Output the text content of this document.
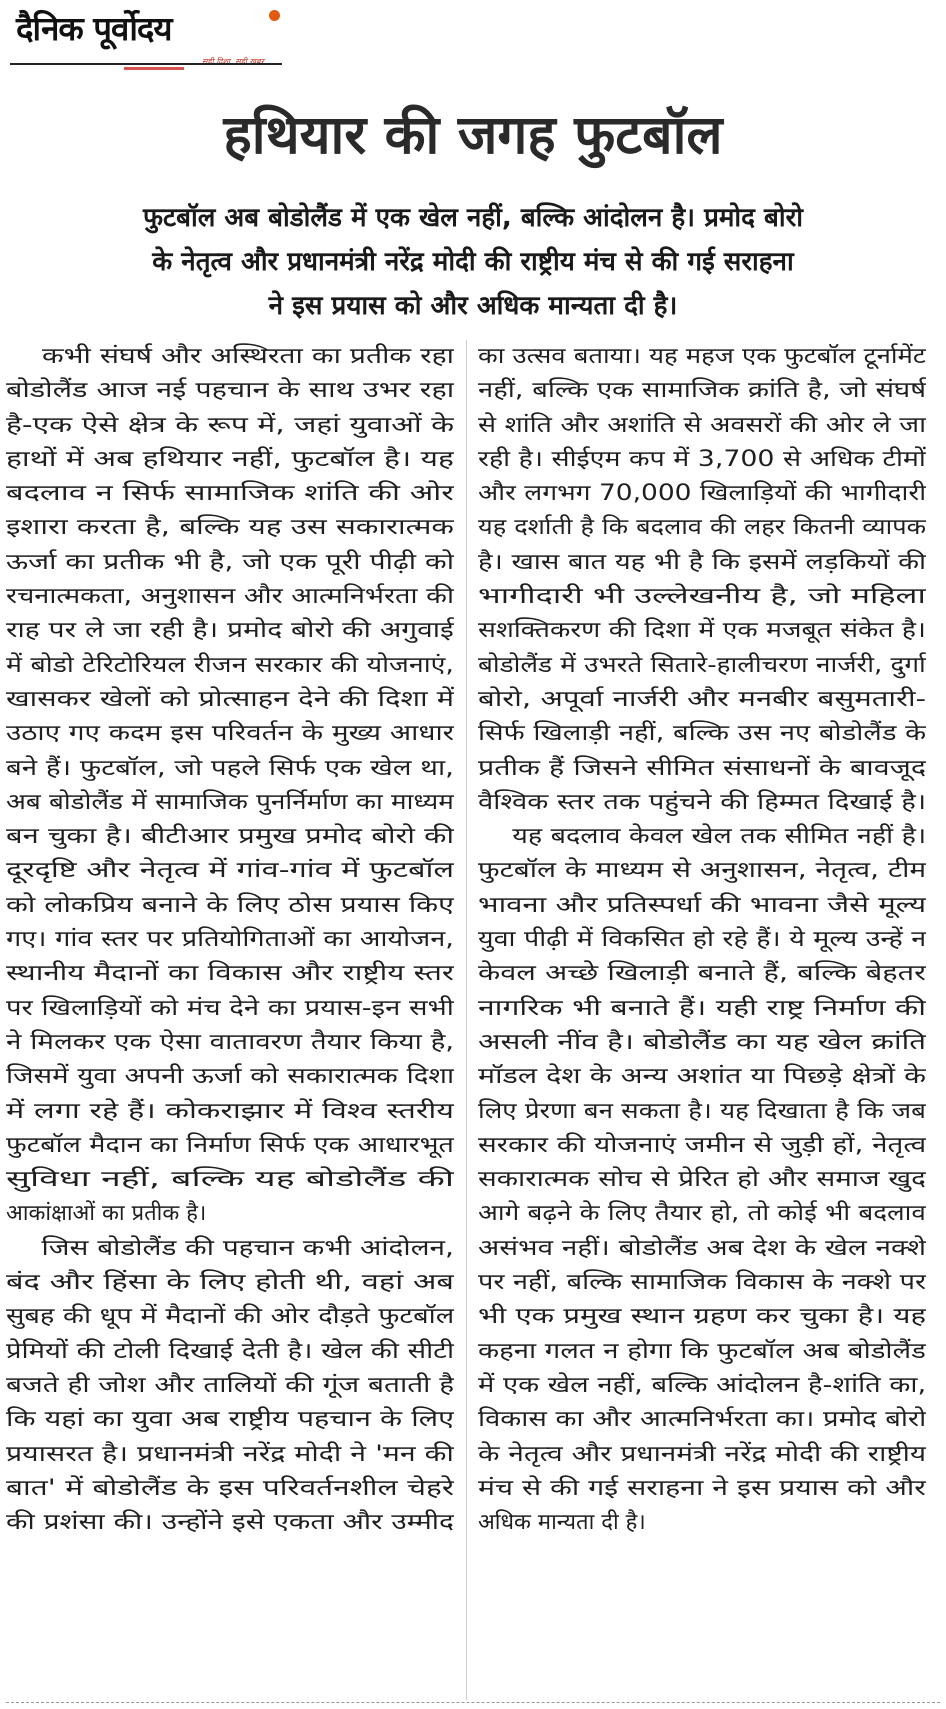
दैनिक पूर्वोदय
सही दिशा, सही खबर
हथियार की जगह फुटबॉल
फुटबॉल अब बोडोलैंड में एक खेल नहीं, बल्कि आंदोलन है। प्रमोद बोरो
के नेतृत्व और प्रधानमंत्री नरेंद्र मोदी की राष्ट्रीय मंच से की गई सराहना
ने इस प्रयास को और अधिक मान्यता दी है।
कभी संघर्ष और अस्थिरता का प्रतीक रहा
बोडोलैंड आज नई पहचान के साथ उभर रहा
है-एक ऐसे क्षेत्र के रूप में, जहां युवाओं के
हाथों में अब हथियार नहीं, फुटबॉल है। यह
बदलाव न सिर्फ सामाजिक शांति की ओर
इशारा करता है, बल्कि यह उस सकारात्मक
ऊर्जा का प्रतीक भी है, जो एक पूरी पीढ़ी को
रचनात्मकता, अनुशासन और आत्मनिर्भरता की
राह पर ले जा रही है। प्रमोद बोरो की अगुवाई
में बोडो टेरिटोरियल रीजन सरकार की योजनाएं,
खासकर खेलों को प्रोत्साहन देने की दिशा में
उठाए गए कदम इस परिवर्तन के मुख्य आधार
बने हैं। फुटबॉल, जो पहले सिर्फ एक खेल था,
अब बोडोलैंड में सामाजिक पुनर्निर्माण का माध्यम
बन चुका है। बीटीआर प्रमुख प्रमोद बोरो की
दूरदृष्टि और नेतृत्व में गांव-गांव में फुटबॉल
को लोकप्रिय बनाने के लिए ठोस प्रयास किए
गए। गांव स्तर पर प्रतियोगिताओं का आयोजन,
स्थानीय मैदानों का विकास और राष्ट्रीय स्तर
पर खिलाड़ियों को मंच देने का प्रयास-इन सभी
ने मिलकर एक ऐसा वातावरण तैयार किया है,
जिसमें युवा अपनी ऊर्जा को सकारात्मक दिशा
में लगा रहे हैं। कोकराझार में विश्व स्तरीय
फुटबॉल मैदान का निर्माण सिर्फ एक आधारभूत
सुविधा नहीं, बल्कि यह बोडोलैंड की
आकांक्षाओं का प्रतीक है।
जिस बोडोलैंड की पहचान कभी आंदोलन,
बंद और हिंसा के लिए होती थी, वहां अब
सुबह की धूप में मैदानों की ओर दौड़ते फुटबॉल
प्रेमियों की टोली दिखाई देती है। खेल की सीटी
बजते ही जोश और तालियों की गूंज बताती है
कि यहां का युवा अब राष्ट्रीय पहचान के लिए
प्रयासरत है। प्रधानमंत्री नरेंद्र मोदी ने 'मन की
बात' में बोडोलैंड के इस परिवर्तनशील चेहरे
की प्रशंसा की। उन्होंने इसे एकता और उम्मीद
का उत्सव बताया। यह महज एक फुटबॉल टूर्नामेंट
नहीं, बल्कि एक सामाजिक क्रांति है, जो संघर्ष
से शांति और अशांति से अवसरों की ओर ले जा
रही है। सीईएम कप में 3,700 से अधिक टीमों
और लगभग 70,000 खिलाड़ियों की भागीदारी
यह दर्शाती है कि बदलाव की लहर कितनी व्यापक
है। खास बात यह भी है कि इसमें लड़कियों की
भागीदारी भी उल्लेखनीय है, जो महिला
सशक्तिकरण की दिशा में एक मजबूत संकेत है।
बोडोलैंड में उभरते सितारे-हालीचरण नार्जरी, दुर्गा
बोरो, अपूर्वा नार्जरी और मनबीर बसुमतारी-
सिर्फ खिलाड़ी नहीं, बल्कि उस नए बोडोलैंड के
प्रतीक हैं जिसने सीमित संसाधनों के बावजूद
वैश्विक स्तर तक पहुंचने की हिम्मत दिखाई है।
यह बदलाव केवल खेल तक सीमित नहीं है।
फुटबॉल के माध्यम से अनुशासन, नेतृत्व, टीम
भावना और प्रतिस्पर्धा की भावना जैसे मूल्य
युवा पीढ़ी में विकसित हो रहे हैं। ये मूल्य उन्हें न
केवल अच्छे खिलाड़ी बनाते हैं, बल्कि बेहतर
नागरिक भी बनाते हैं। यही राष्ट्र निर्माण की
असली नींव है। बोडोलैंड का यह खेल क्रांति
मॉडल देश के अन्य अशांत या पिछड़े क्षेत्रों के
लिए प्रेरणा बन सकता है। यह दिखाता है कि जब
सरकार की योजनाएं जमीन से जुड़ी हों, नेतृत्व
सकारात्मक सोच से प्रेरित हो और समाज खुद
आगे बढ़ने के लिए तैयार हो, तो कोई भी बदलाव
असंभव नहीं। बोडोलैंड अब देश के खेल नक्शे
पर नहीं, बल्कि सामाजिक विकास के नक्शे पर
भी एक प्रमुख स्थान ग्रहण कर चुका है। यह
कहना गलत न होगा कि फुटबॉल अब बोडोलैंड
में एक खेल नहीं, बल्कि आंदोलन है-शांति का,
विकास का और आत्मनिर्भरता का। प्रमोद बोरो
के नेतृत्व और प्रधानमंत्री नरेंद्र मोदी की राष्ट्रीय
मंच से की गई सराहना ने इस प्रयास को और
अधिक मान्यता दी है।
